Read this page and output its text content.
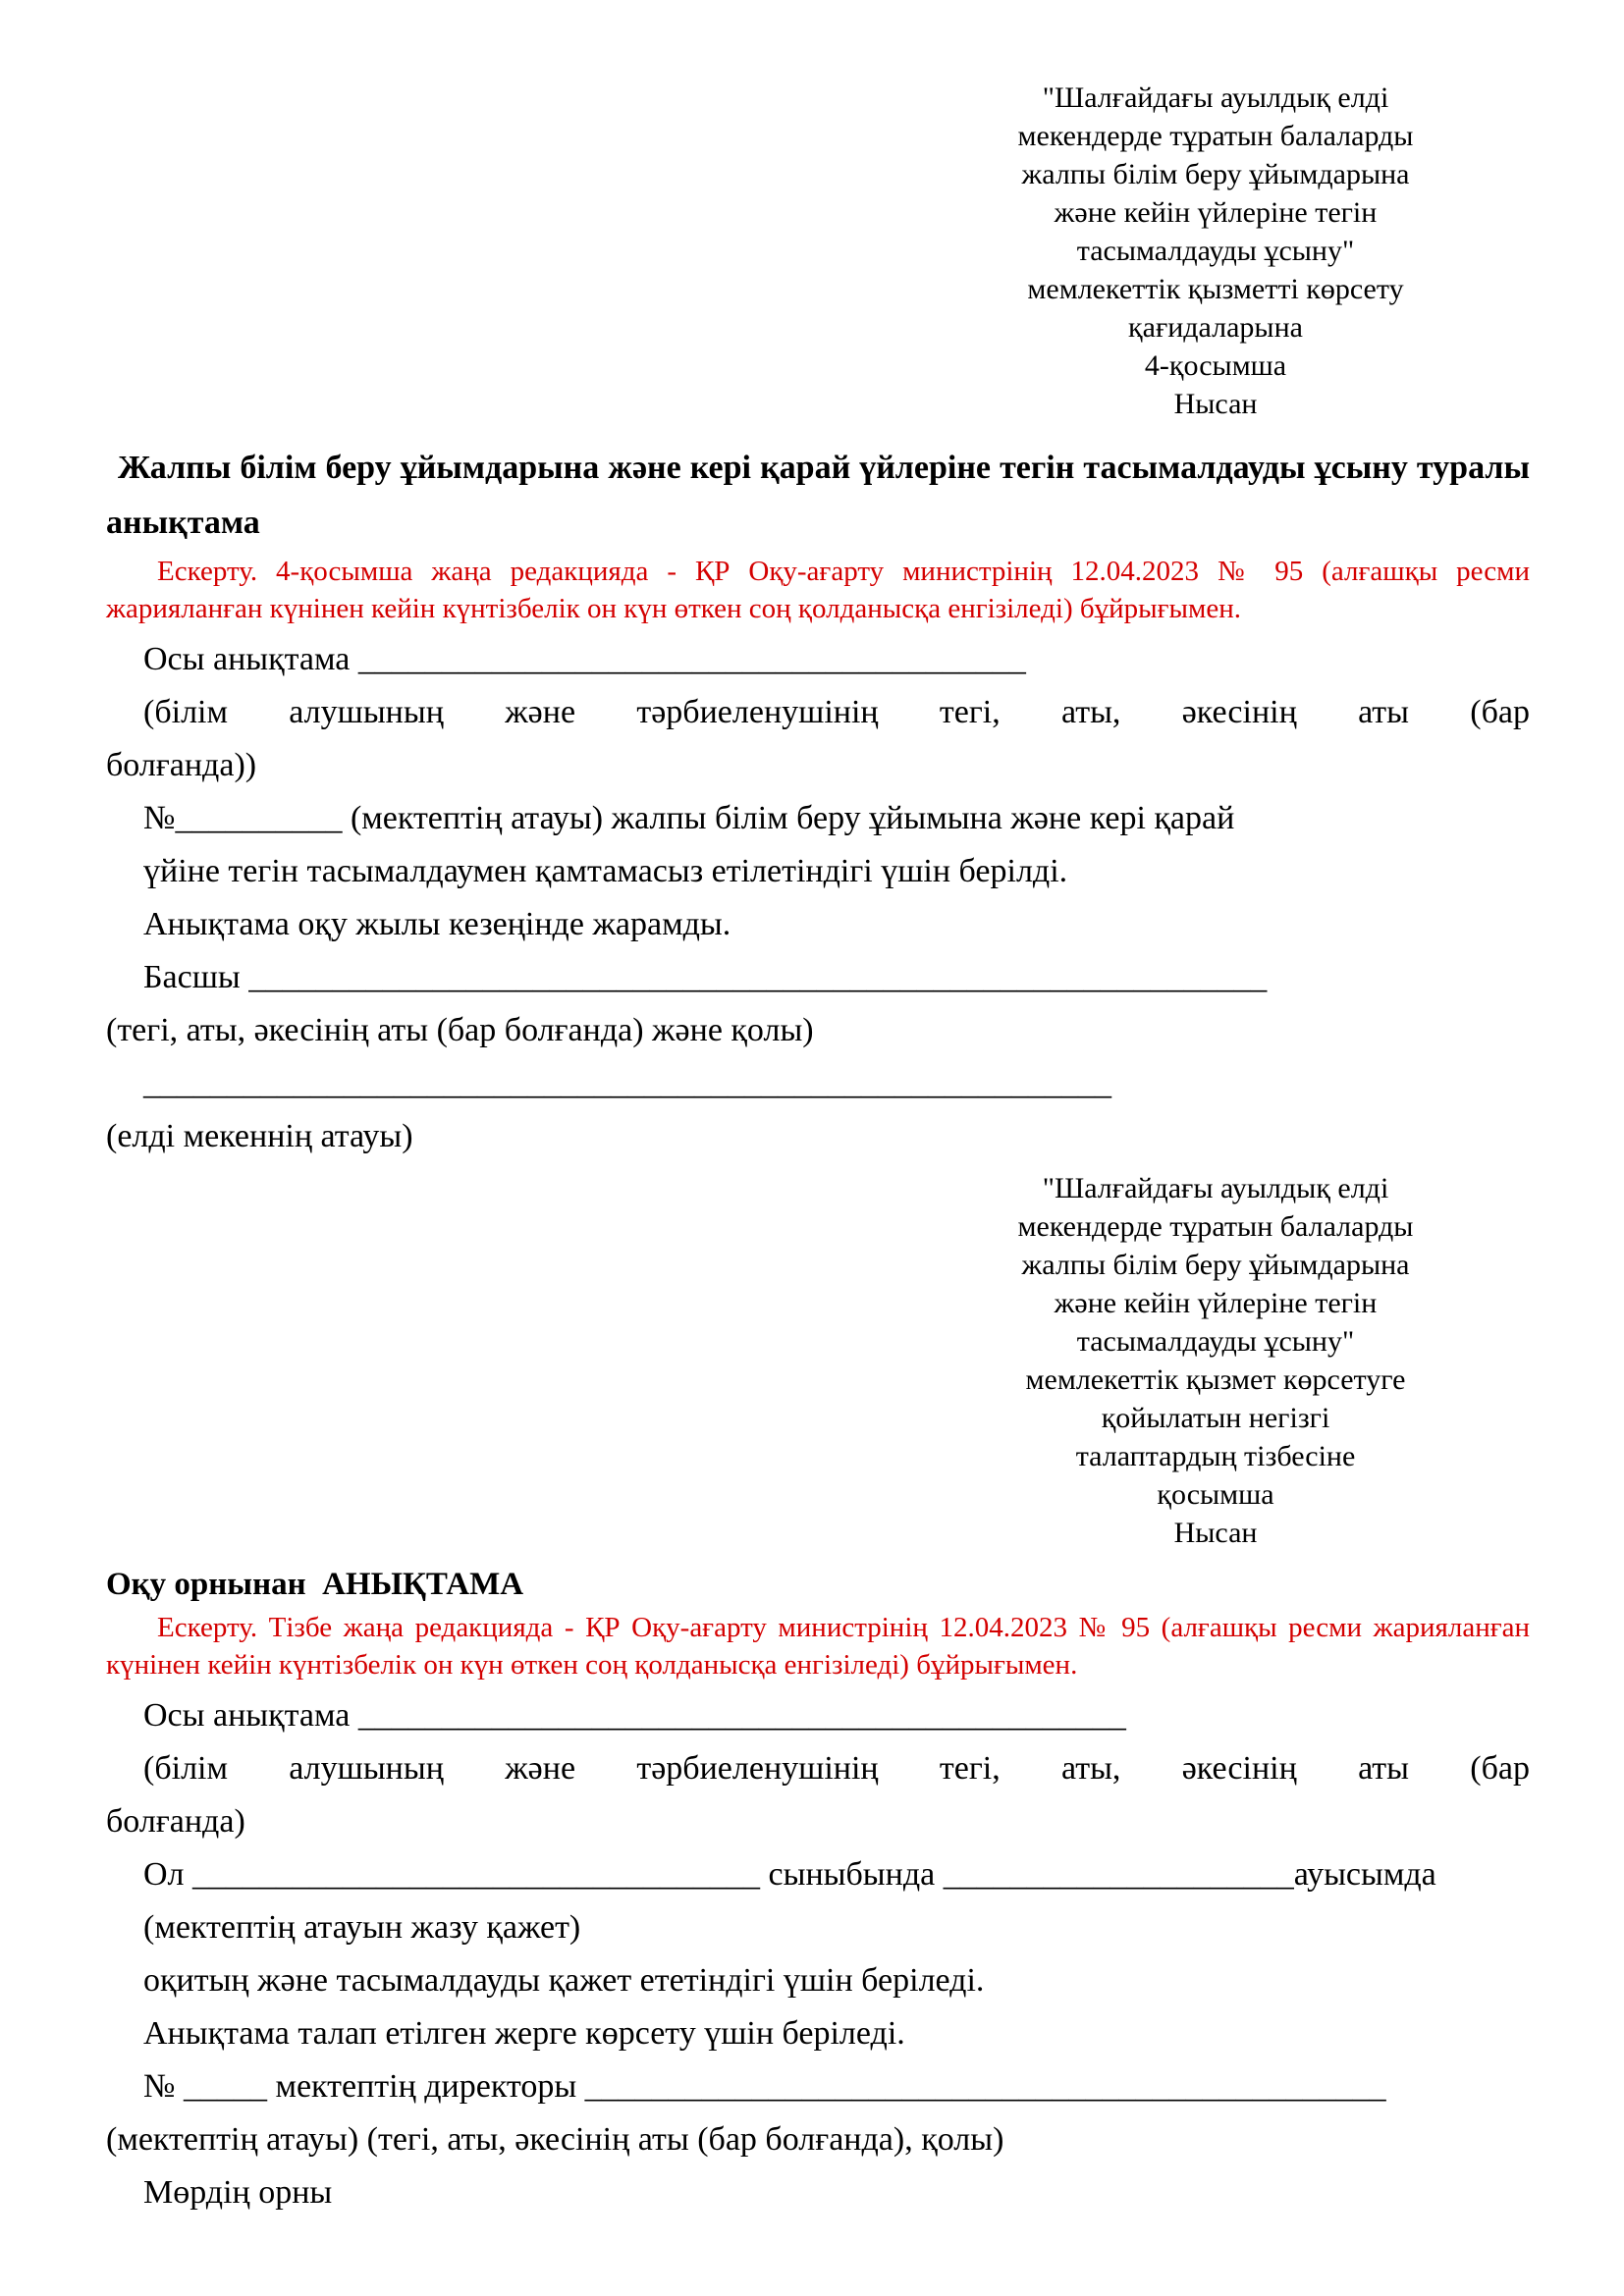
"Шалғайдағы ауылдық елді
мекендерде тұратын балаларды
жалпы білім беру ұйымдарына
және кейін үйлеріне тегін
тасымалдауды ұсыну"
мемлекеттік қызметті көрсету
қағидаларына
4-қосымша
Нысан
Жалпы білім беру ұйымдарына және кері қарай үйлеріне тегін тасымалдауды ұсыну туралы
анықтама
Ескерту. 4-қосымша жаңа редакцияда - ҚР Оқу-ағарту министрінің 12.04.2023 № 95 (алғашқы ресми жарияланған күнінен кейін күнтізбелік он күн өткен соң қолданысқа енгізіледі) бұйрығымен.
Осы анықтама ________________________________________
(білім алушының және тәрбиеленушінің тегі, аты, әкесінің аты (бар
болғанда))
№__________ (мектептің атауы) жалпы білім беру ұйымына және кері қарай
үйіне тегін тасымалдаумен қамтамасыз етілетіндігі үшін берілді.
Анықтама оқу жылы кезеңінде жарамды.
Басшы _____________________________________________________________
(тегі, аты, әкесінің аты (бар болғанда) және қолы)
__________________________________________________________
(елді мекеннің атауы)
"Шалғайдағы ауылдық елді
мекендерде тұратын балаларды
жалпы білім беру ұйымдарына
және кейін үйлеріне тегін
тасымалдауды ұсыну"
мемлекеттік қызмет көрсетуге
қойылатын негізгі
талаптардың тізбесіне
қосымша
Нысан
Оқу орнынан  АНЫҚТАМА
Ескерту. Тізбе жаңа редакцияда - ҚР Оқу-ағарту министрінің 12.04.2023 № 95 (алғашқы ресми жарияланған күнінен кейін күнтізбелік он күн өткен соң қолданысқа енгізіледі) бұйрығымен.
Осы анықтама ______________________________________________
(білім алушының және тәрбиеленушінің тегі, аты, әкесінің аты (бар
болғанда)
Ол __________________________________ сыныбында _____________________ауысымда
(мектептің атауын жазу қажет)
оқитың және тасымалдауды қажет ететіндігі үшін беріледі.
Анықтама талап етілген жерге көрсету үшін беріледі.
№ _____ мектептің директоры ________________________________________________
(мектептің атауы) (тегі, аты, әкесінің аты (бар болғанда), қолы)
Мөрдің орны
